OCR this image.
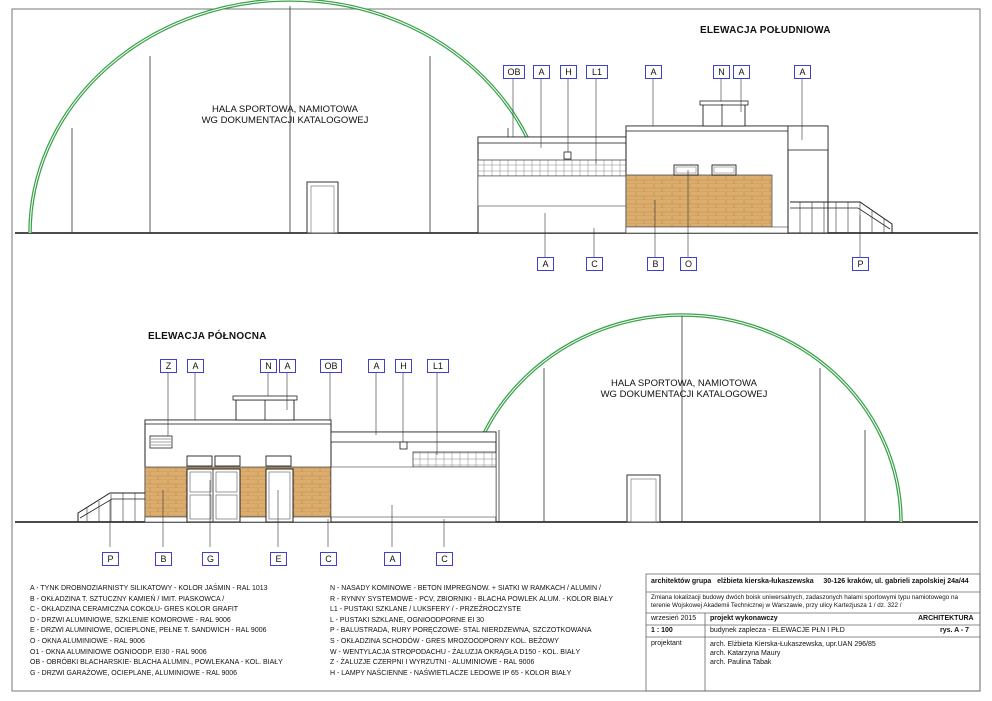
ELEWACJA POŁUDNIOWA
ELEWACJA PÓŁNOCNA
HALA SPORTOWA, NAMIOTOWA
WG DOKUMENTACJI KATALOGOWEJ
HALA SPORTOWA, NAMIOTOWA
WG DOKUMENTACJI KATALOGOWEJ
OB	A	H	L1	A	N	A	A
A	C	B	O	P
Z	A	N	A	OB	A	H	L1
P	B	G	E	C	A	C
A - TYNK DROBNOZIARNISTY SILIKATOWY - KOLOR JAŚMIN - RAL 1013
B - OKŁADZINA T. SZTUCZNY KAMIEŃ / IMIT. PIASKOWCA /
C - OKŁADZINA CERAMICZNA COKOŁU- GRES KOLOR GRAFIT
D - DRZWI ALUMINIOWE, SZKLENIE KOMOROWE - RAL 9006
E - DRZWI ALUMINIOWE, OCIEPLONE, PEŁNE T. SANDWICH - RAL 9006
O - OKNA ALUMINIOWE - RAL 9006
O1 - OKNA ALUMINIOWE OGNIOODP. EI30 - RAL 9006
OB - OBRÓBKI BLACHARSKIE- BLACHA ALUMIN., POWLEKANA - KOL. BIAŁY
G - DRZWI GARAŻOWE, OCIEPLANE, ALUMINIOWE - RAL 9006
N - NASADY KOMINOWE - BETON IMPREGNOW. + SIATKI W RAMKACH / ALUMIN /
R - RYNNY SYSTEMOWE - PCV, ZBIORNIKI - BLACHA POWLEK ALUM. - KOLOR BIAŁY
L1 - PUSTAKI SZKLANE / LUKSFERY / - PRZEŹROCZYSTE
L - PUSTAKI SZKLANE, OGNIOODPORNE EI 30
P - BALUSTRADA, RURY PORĘCZOWE- STAL NIERDZEWNA, SZCZOTKOWANA
S - OKŁADZINA SCHODÓW - GRES MROZOODPORNY KOL. BEŻOWY
W - WENTYLACJA STROPODACHU - ŻALUZJA OKRĄGŁA D150 - KOL. BIAŁY
Z - ŻALUZJE CZERPNI I WYRZUTNI - ALUMINIOWE - RAL 9006
H - LAMPY NAŚCIENNE - NAŚWIETLACZE LEDOWE IP 65 - KOLOR BIAŁY
architektów grupa elżbieta kierska-łukaszewska 30-126 kraków, ul. gabrieli zapolskiej 24a/44
Zmiana lokalizacji budowy dwóch boisk uniwersalnych, zadaszonych halami sportowymi typu namiotowego na terenie Wojskowej Akademii Technicznej w Warszawie, przy ulicy Kartezjusza 1 / dz. 322 /
wrzesień 2015 projekt wykonawczy	ARCHITEKTURA
1 : 100	budynek zaplecza - ELEWACJE PŁN I PŁD	rys. A - 7
projektant	arch. Elżbieta Kierska-Łukaszewska, upr.UAN 296/85
arch. Katarzyna Maury
arch. Paulina Tabak
